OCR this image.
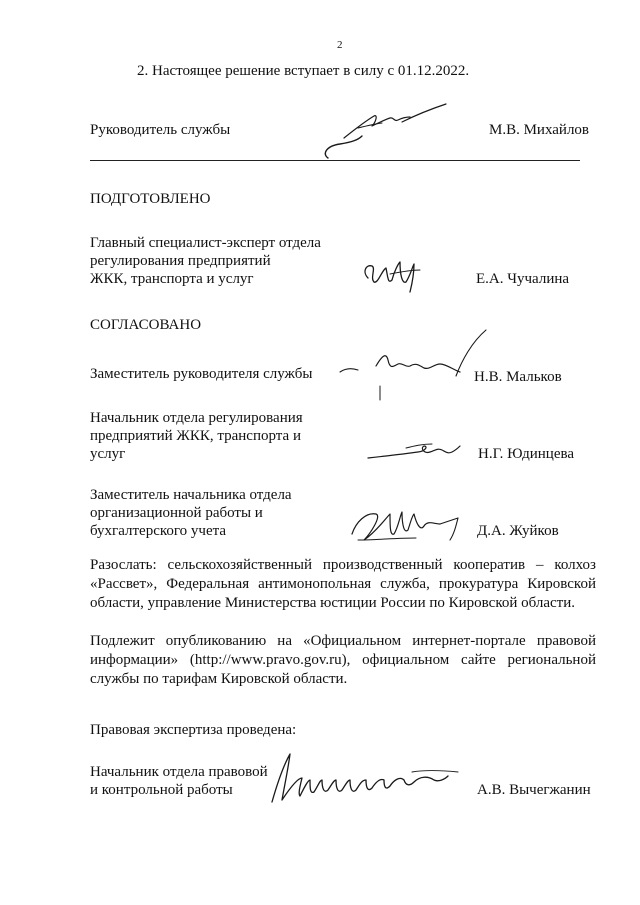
2
2. Настоящее решение вступает в силу с 01.12.2022.
Руководитель службы	М.В. Михайлов
ПОДГОТОВЛЕНО
Главный специалист-эксперт отдела
регулирования предприятий
ЖКК, транспорта и услуг	Е.А. Чучалина
СОГЛАСОВАНО
Заместитель руководителя службы	Н.В. Мальков
Начальник отдела регулирования
предприятий ЖКК, транспорта и
услуг	Н.Г. Юдинцева
Заместитель начальника отдела
организационной работы и
бухгалтерского учета	Д.А. Жуйков
Разослать: сельскохозяйственный производственный кооператив – колхоз «Рассвет», Федеральная антимонопольная служба, прокуратура Кировской области, управление Министерства юстиции России по Кировской области.
Подлежит опубликованию на «Официальном интернет-портале правовой информации» (http://www.pravo.gov.ru), официальном сайте региональной службы по тарифам Кировской области.
Правовая экспертиза проведена:
Начальник отдела правовой
и контрольной работы	А.В. Вычегжанин
